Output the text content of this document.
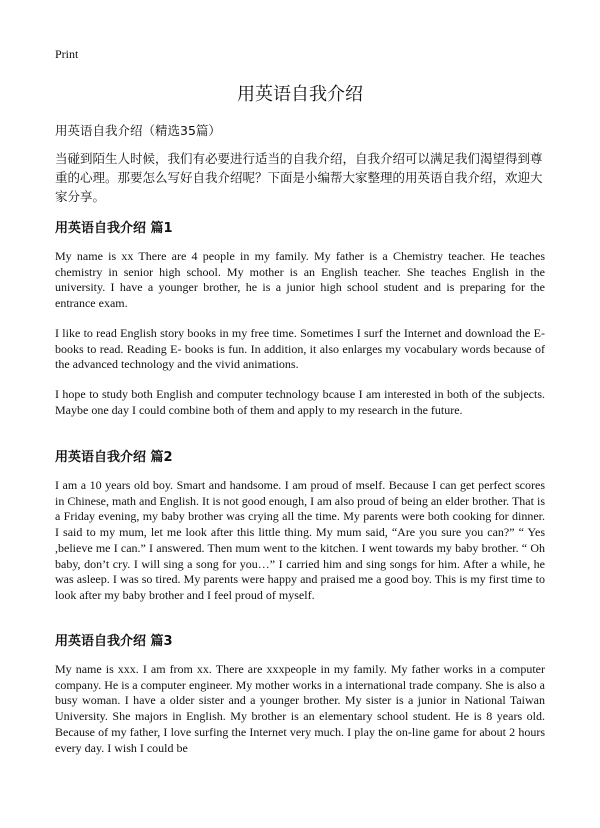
Print
用英语自我介绍
用英语自我介绍（精选35篇）
当碰到陌生人时候，我们有必要进行适当的自我介绍，自我介绍可以满足我们渴望得到尊重的心理。那要怎么写好自我介绍呢？下面是小编帮大家整理的用英语自我介绍，欢迎大家分享。
用英语自我介绍 篇1
My name is xx There are 4 people in my family. My father is a Chemistry teacher. He teaches chemistry in senior high school. My mother is an English teacher. She teaches English in the university. I have a younger brother, he is a junior high school student and is preparing for the entrance exam.
I like to read English story books in my free time. Sometimes I surf the Internet and download the E- books to read. Reading E- books is fun. In addition, it also enlarges my vocabulary words because of the advanced technology and the vivid animations.
I hope to study both English and computer technology bcause I am interested in both of the subjects. Maybe one day I could combine both of them and apply to my research in the future.
用英语自我介绍 篇2
I am a 10 years old boy. Smart and handsome. I am proud of mself. Because I can get perfect scores in Chinese, math and English. It is not good enough, I am also proud of being an elder brother. That is a Friday evening, my baby brother was crying all the time. My parents were both cooking for dinner. I said to my mum, let me look after this little thing. My mum said, “Are you sure you can?” “ Yes ,believe me I can.” I answered. Then mum went to the kitchen. I went towards my baby brother. “ Oh baby, don’t cry. I will sing a song for you…” I carried him and sing songs for him. After a while, he was asleep. I was so tired. My parents were happy and praised me a good boy. This is my first time to look after my baby brother and I feel proud of myself.
用英语自我介绍 篇3
My name is xxx. I am from xx. There are xxxpeople in my family. My father works in a computer company. He is a computer engineer. My mother works in a international trade company. She is also a busy woman. I have a older sister and a younger brother. My sister is a junior in National Taiwan University. She majors in English. My brother is an elementary school student. He is 8 years old. Because of my father, I love surfing the Internet very much. I play the on-line game for about 2 hours every day. I wish I could be
